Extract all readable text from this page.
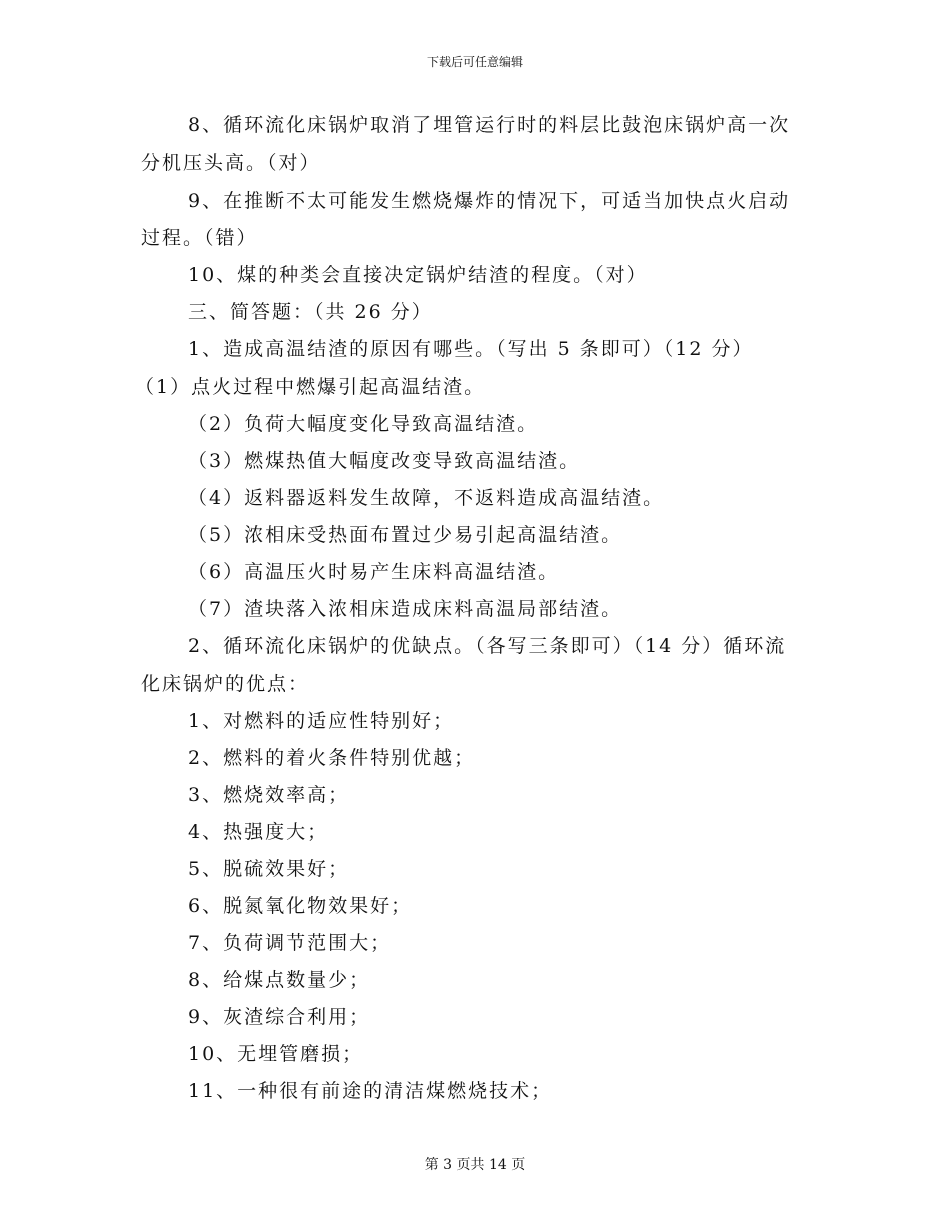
下载后可任意编辑
8、循环流化床锅炉取消了埋管运行时的料层比鼓泡床锅炉高一次
分机压头高。（对）
9、在推断不太可能发生燃烧爆炸的情况下，可适当加快点火启动
过程。（错）
10、煤的种类会直接决定锅炉结渣的程度。（对）
三、简答题：（共 26 分）
1、造成高温结渣的原因有哪些。（写出 5 条即可）（12 分）
（1）点火过程中燃爆引起高温结渣。
（2）负荷大幅度变化导致高温结渣。
（3）燃煤热值大幅度改变导致高温结渣。
（4）返料器返料发生故障，不返料造成高温结渣。
（5）浓相床受热面布置过少易引起高温结渣。
（6）高温压火时易产生床料高温结渣。
（7）渣块落入浓相床造成床料高温局部结渣。
2、循环流化床锅炉的优缺点。（各写三条即可）（14 分）循环流
化床锅炉的优点：
1、对燃料的适应性特别好；
2、燃料的着火条件特别优越；
3、燃烧效率高；
4、热强度大；
5、脱硫效果好；
6、脱氮氧化物效果好；
7、负荷调节范围大；
8、给煤点数量少；
9、灰渣综合利用；
10、无埋管磨损；
11、一种很有前途的清洁煤燃烧技术；
第 3 页共 14 页
